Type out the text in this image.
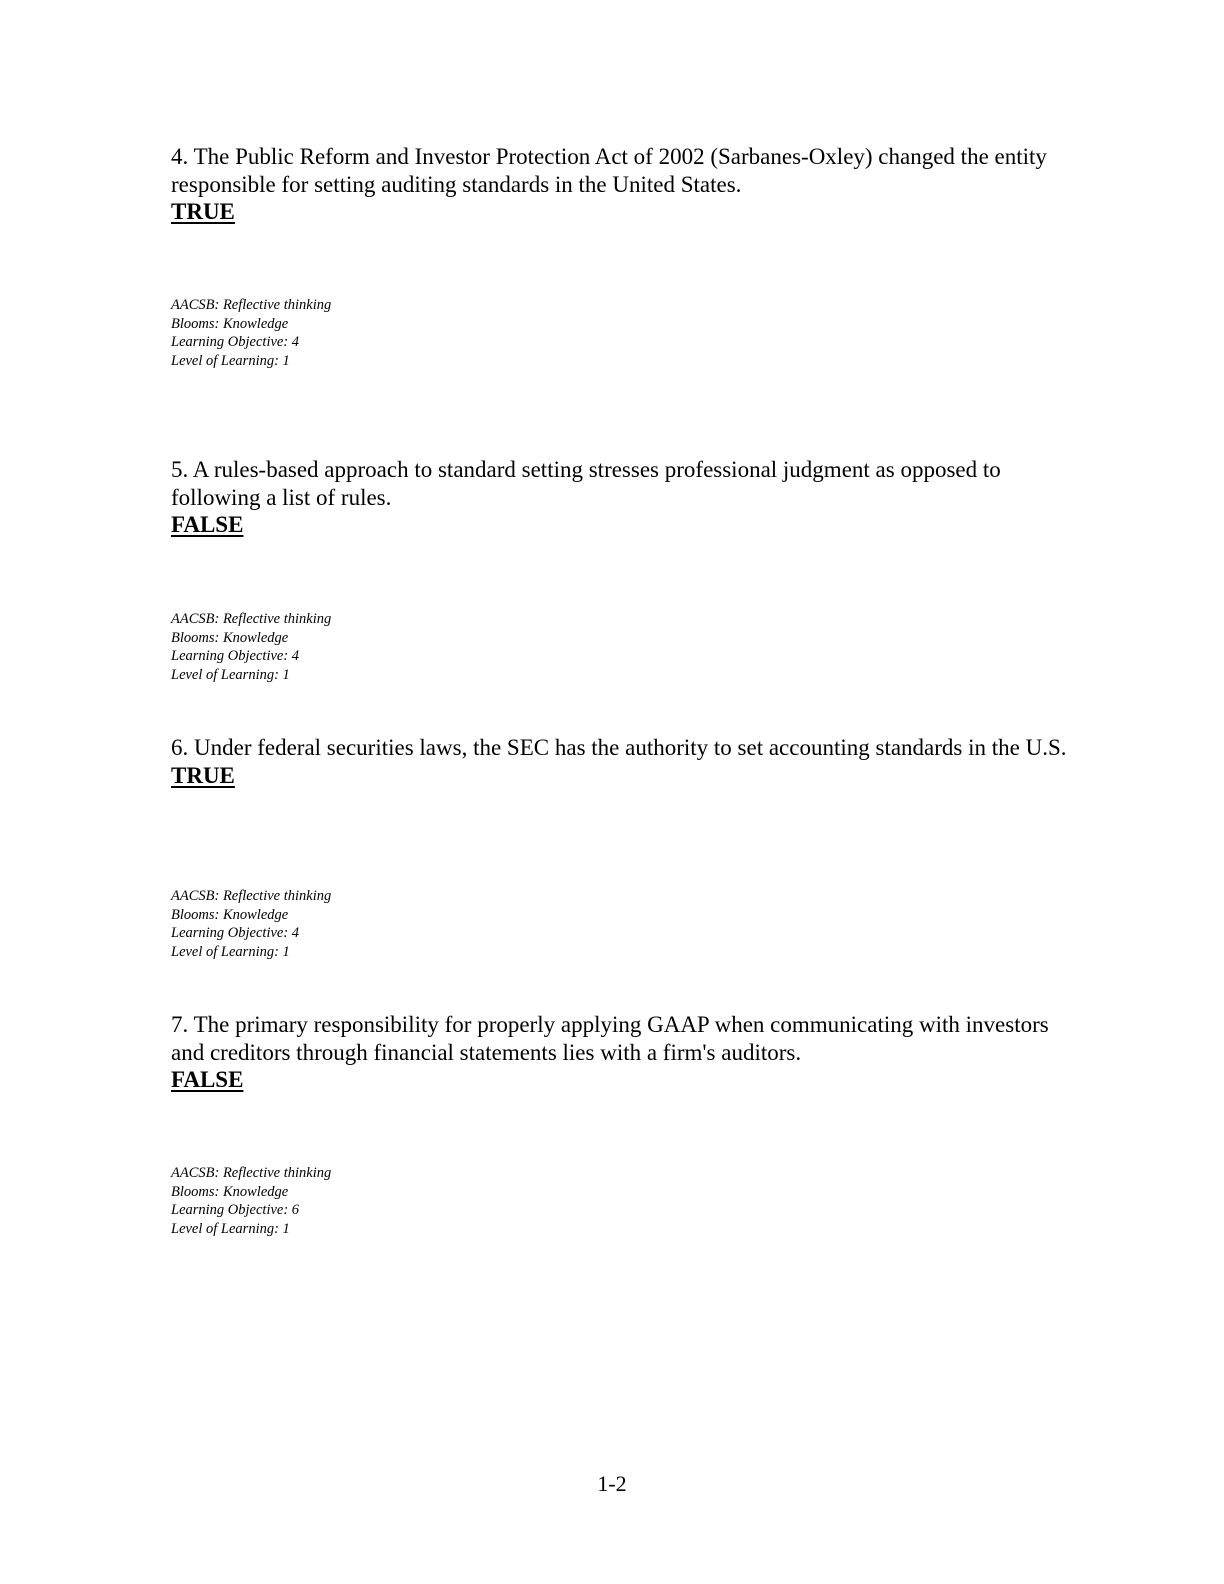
4. The Public Reform and Investor Protection Act of 2002 (Sarbanes-Oxley) changed the entity responsible for setting auditing standards in the United States.

TRUE
AACSB: Reflective thinking
Blooms: Knowledge
Learning Objective: 4
Level of Learning: 1

5. A rules-based approach to standard setting stresses professional judgment as opposed to following a list of rules.

FALSE
AACSB: Reflective thinking
Blooms: Knowledge
Learning Objective: 4
Level of Learning: 1

6. Under federal securities laws, the SEC has the authority to set accounting standards in the U.S.

TRUE
AACSB: Reflective thinking
Blooms: Knowledge
Learning Objective: 4
Level of Learning: 1

7. The primary responsibility for properly applying GAAP when communicating with investors and creditors through financial statements lies with a firm's auditors.

FALSE
AACSB: Reflective thinking
Blooms: Knowledge
Learning Objective: 6
Level of Learning: 1
1-2
